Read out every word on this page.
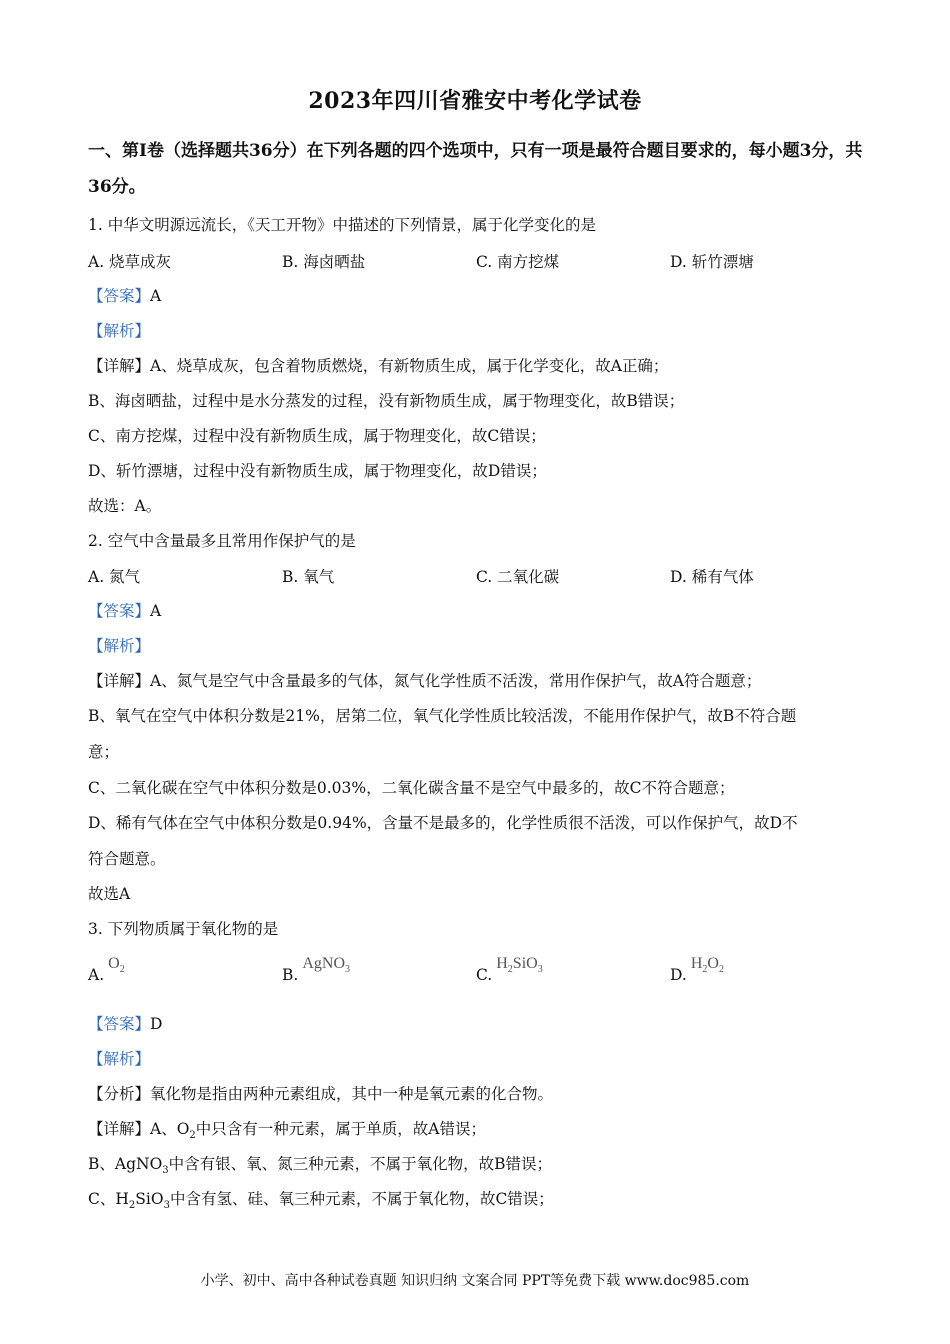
2023年四川省雅安中考化学试卷
一、第Ⅰ卷（选择题共36分）在下列各题的四个选项中，只有一项是最符合题目要求的，每小题3分，共36分。
1. 中华文明源远流长，《天工开物》中描述的下列情景，属于化学变化的是
A. 烧草成灰	B. 海卤晒盐	C. 南方挖煤	D. 斩竹漂塘
【答案】A
【解析】
【详解】A、烧草成灰，包含着物质燃烧，有新物质生成，属于化学变化，故A正确；
B、海卤晒盐，过程中是水分蒸发的过程，没有新物质生成，属于物理变化，故B错误；
C、南方挖煤，过程中没有新物质生成，属于物理变化，故C错误；
D、斩竹漂塘，过程中没有新物质生成，属于物理变化，故D错误；
故选：A。
2. 空气中含量最多且常用作保护气的是
A. 氮气	B. 氧气	C. 二氧化碳	D. 稀有气体
【答案】A
【解析】
【详解】A、氮气是空气中含量最多的气体，氮气化学性质不活泼，常用作保护气，故A符合题意；
B、氧气在空气中体积分数是21%，居第二位，氧气化学性质比较活泼，不能用作保护气，故B不符合题
意；
C、二氧化碳在空气中体积分数是0.03%，二氧化碳含量不是空气中最多的，故C不符合题意；
D、稀有气体在空气中体积分数是0.94%，含量不是最多的，化学性质很不活泼，可以作保护气，故D不
符合题意。
故选A
3. 下列物质属于氧化物的是
$A.O_2$	B.AgNO$_3$	$C.H_2SiO_3$	$D.H_2O_2$
【答案】D
【解析】
【分析】氧化物是指由两种元素组成，其中一种是氧元素的化合物。
【详解】A、$O_2$中只含有一种元素，属于单质，故A错误；
B、AgNO$_3$中含有银、氧、氮三种元素，不属于氧化物，故B错误；
C、$H_2SiO_3$中含有氢、硅、氧三种元素，不属于氧化物，故C错误；
小学、初中、高中各种试卷真题 知识归纳 文案合同 PPT等免费下载 www.doc985.com
